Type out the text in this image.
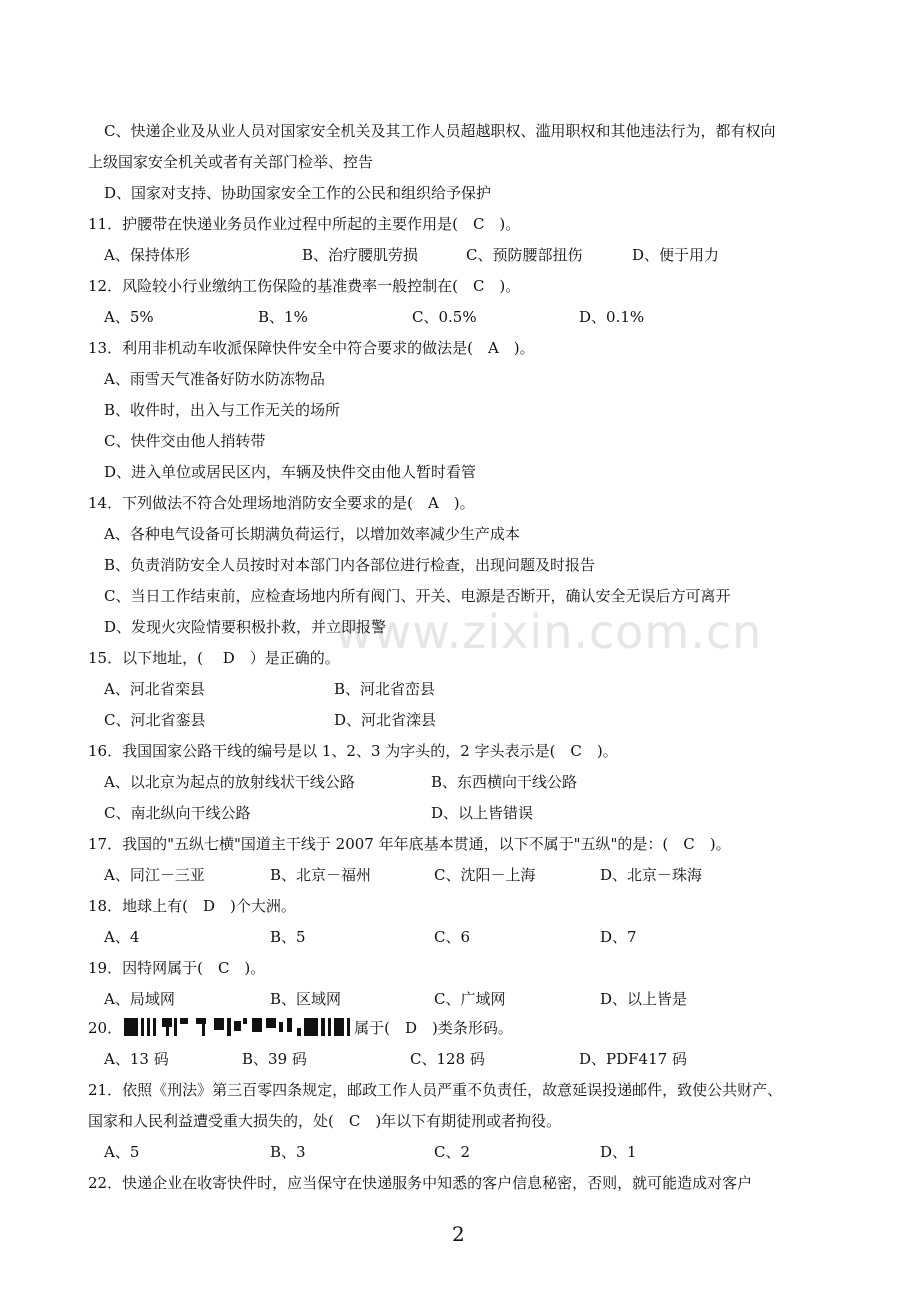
www.zixin.com.cn
C、快递企业及从业人员对国家安全机关及其工作人员超越职权、滥用职权和其他违法行为，都有权向
上级国家安全机关或者有关部门检举、控告
D、国家对支持、协助国家安全工作的公民和组织给予保护
11．护腰带在快递业务员作业过程中所起的主要作用是(　C　)。
A、保持体形	B、治疗腰肌劳损	C、预防腰部扭伤	D、便于用力
12．风险较小行业缴纳工伤保险的基准费率一般控制在(　C　)。
A、5%	B、1%	C、0.5%	D、0.1%
13．利用非机动车收派保障快件安全中符合要求的做法是(　A　)。
A、雨雪天气准备好防水防冻物品
B、收件时，出入与工作无关的场所
C、快件交由他人捎转带
D、进入单位或居民区内，车辆及快件交由他人暂时看管
14．下列做法不符合处理场地消防安全要求的是(　A　)。
A、各种电气设备可长期满负荷运行，以增加效率减少生产成本
B、负责消防安全人员按时对本部门内各部位进行检查，出现问题及时报告
C、当日工作结束前，应检查场地内所有阀门、开关、电源是否断开，确认安全无误后方可离开
D、发现火灾险情要积极扑救，并立即报警
15．以下地址，(　 D　）是正确的。
A、河北省栾县	B、河北省峦县
C、河北省銮县	D、河北省滦县
16．我国国家公路干线的编号是以 1、2、3 为字头的，2 字头表示是(　C　)。
A、以北京为起点的放射线状干线公路	B、东西横向干线公路
C、南北纵向干线公路	D、以上皆错误
17．我国的"五纵七横"国道主干线于 2007 年年底基本贯通，以下不属于"五纵"的是：(　C　)。
A、同江－三亚	B、北京－福州	C、沈阳－上海	D、北京－珠海
18．地球上有(　D　)个大洲。
A、4	B、5	C、6	D、7
19．因特网属于(　C　)。
A、局域网	B、区域网	C、广域网	D、以上皆是
20．	属于(　D　)类条形码。
A、13 码	B、39 码	C、128 码	D、PDF417 码
21．依照《刑法》第三百零四条规定，邮政工作人员严重不负责任，故意延误投递邮件，致使公共财产、
国家和人民利益遭受重大损失的，处(　C　)年以下有期徒刑或者拘役。
A、5	B、3	C、2	D、1
22．快递企业在收寄快件时，应当保守在快递服务中知悉的客户信息秘密，否则，就可能造成对客户
2
